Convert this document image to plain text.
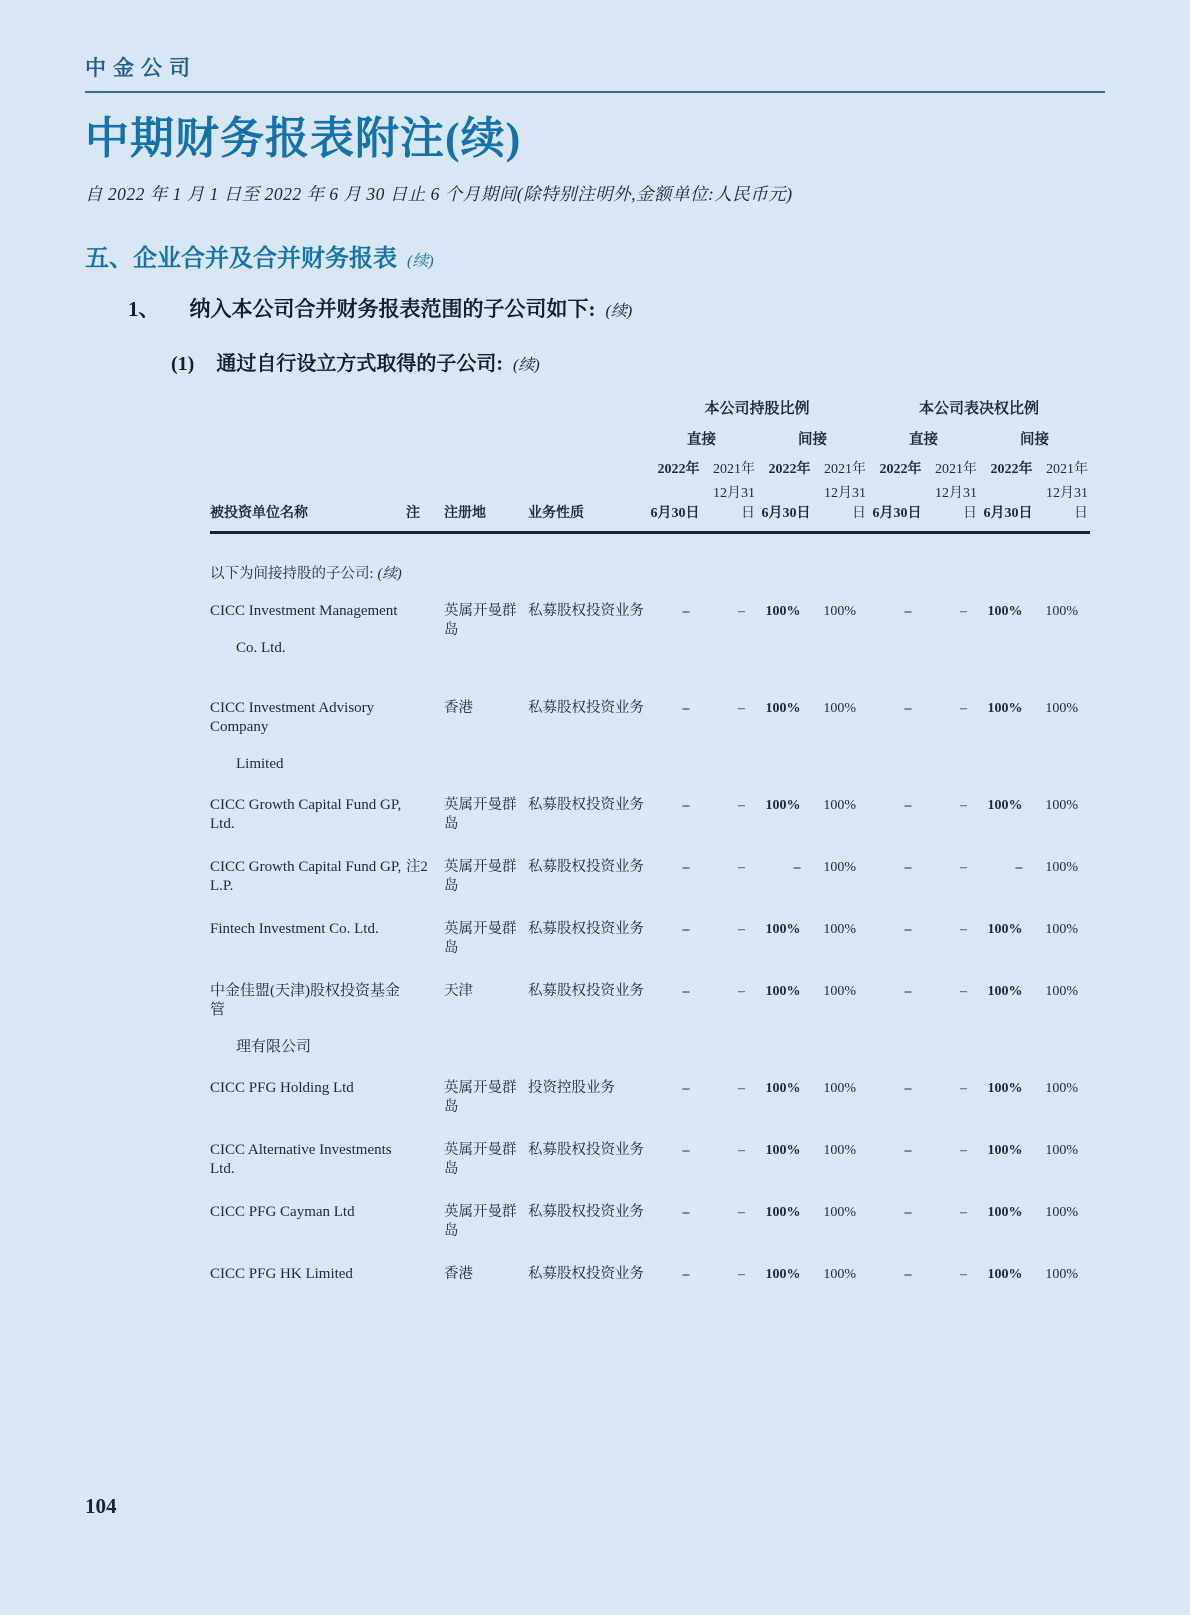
中金公司
中期财务报表附注(续)

自 2022 年 1 月 1 日至 2022 年 6 月 30 日止 6 个月期间(除特别注明外,金额单位:人民币元)

五、企业合并及合并财务报表 (续)
1、 纳入本公司合并财务报表范围的子公司如下: (续)
(1) 通过自行设立方式取得的子公司: (续)
				本公司持股比例				本公司表决权比例			
				直接		间接		直接		间接	
				2022年	2021年	2022年	2021年	2022年	2021年	2022年	2021年
被投资单位名称	注	注册地	业务性质	6月30日	12月31日	6月30日	12月31日	6月30日	12月31日	6月30日	12月31日
以下为间接持股的子公司: (续)											

CICC Investment Management
Co. Ltd.		英属开曼群岛	私募股权投资业务	–	–	100%	100%	–	–	100%	100%

CICC Investment Advisory Company
Limited		香港	私募股权投资业务	–	–	100%	100%	–	–	100%	100%

CICC Growth Capital Fund GP, Ltd.		英属开曼群岛	私募股权投资业务	–	–	100%	100%	–	–	100%	100%

CICC Growth Capital Fund GP, L.P.	注2	英属开曼群岛	私募股权投资业务	–	–	–	100%	–	–	–	100%

Fintech Investment Co. Ltd.		英属开曼群岛	私募股权投资业务	–	–	100%	100%	–	–	100%	100%

中金佳盟(天津)股权投资基金管
理有限公司		天津	私募股权投资业务	–	–	100%	100%	–	–	100%	100%

CICC PFG Holding Ltd		英属开曼群岛	投资控股业务	–	–	100%	100%	–	–	100%	100%

CICC Alternative Investments Ltd.		英属开曼群岛	私募股权投资业务	–	–	100%	100%	–	–	100%	100%

CICC PFG Cayman Ltd		英属开曼群岛	私募股权投资业务	–	–	100%	100%	–	–	100%	100%

CICC PFG HK Limited		香港	私募股权投资业务	–	–	100%	100%	–	–	100%	100%
104
